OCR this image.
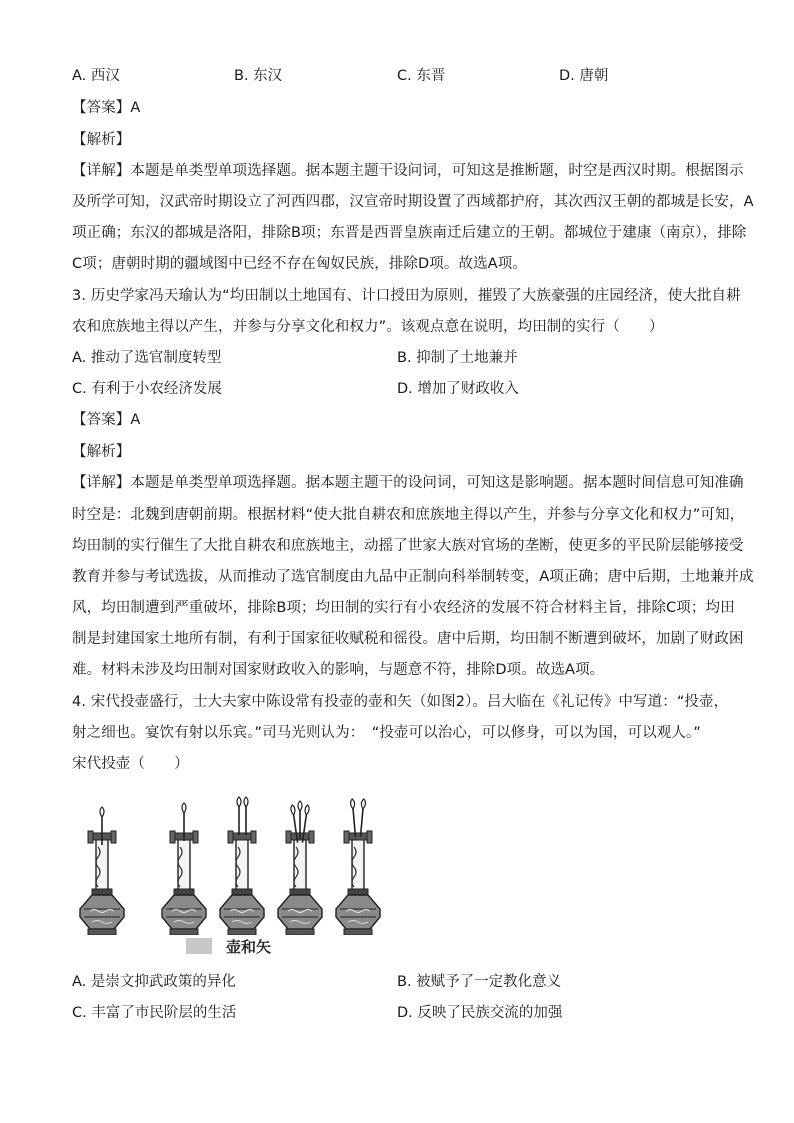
A. 西汉	B. 东汉	C. 东晋	D. 唐朝
【答案】A
【解析】
【详解】本题是单类型单项选择题。据本题主题干设问词，可知这是推断题，时空是西汉时期。根据图示
及所学可知，汉武帝时期设立了河西四郡，汉宣帝时期设置了西域都护府，其次西汉王朝的都城是长安，A
项正确；东汉的都城是洛阳，排除B项；东晋是西晋皇族南迁后建立的王朝。都城位于建康（南京），排除
C项；唐朝时期的疆域图中已经不存在匈奴民族，排除D项。故选A项。
3. 历史学家冯天瑜认为“均田制以土地国有、计口授田为原则，摧毁了大族豪强的庄园经济，使大批自耕
农和庶族地主得以产生，并参与分享文化和权力”。该观点意在说明，均田制的实行（　　）
A. 推动了选官制度转型	B. 抑制了土地兼并
C. 有利于小农经济发展	D. 增加了财政收入
【答案】A
【解析】
【详解】本题是单类型单项选择题。据本题主题干的设问词，可知这是影响题。据本题时间信息可知准确
时空是：北魏到唐朝前期。根据材料“使大批自耕农和庶族地主得以产生，并参与分享文化和权力”可知，
均田制的实行催生了大批自耕农和庶族地主，动摇了世家大族对官场的垄断，使更多的平民阶层能够接受
教育并参与考试选拔，从而推动了选官制度由九品中正制向科举制转变，A项正确；唐中后期，土地兼并成
风，均田制遭到严重破坏，排除B项；均田制的实行有小农经济的发展不符合材料主旨，排除C项；均田
制是封建国家土地所有制，有利于国家征收赋税和徭役。唐中后期，均田制不断遭到破坏，加剧了财政困
难。材料未涉及均田制对国家财政收入的影响，与题意不符，排除D项。故选A项。
4. 宋代投壶盛行，士大夫家中陈设常有投壶的壶和矢（如图2）。吕大临在《礼记传》中写道：“投壶，
射之细也。宴饮有射以乐宾。”司马光则认为：　“投壶可以治心，可以修身，可以为国，可以观人。”
宋代投壶（　　）
壶和矢
A. 是崇文抑武政策的异化	B. 被赋予了一定教化意义
C. 丰富了市民阶层的生活	D. 反映了民族交流的加强
